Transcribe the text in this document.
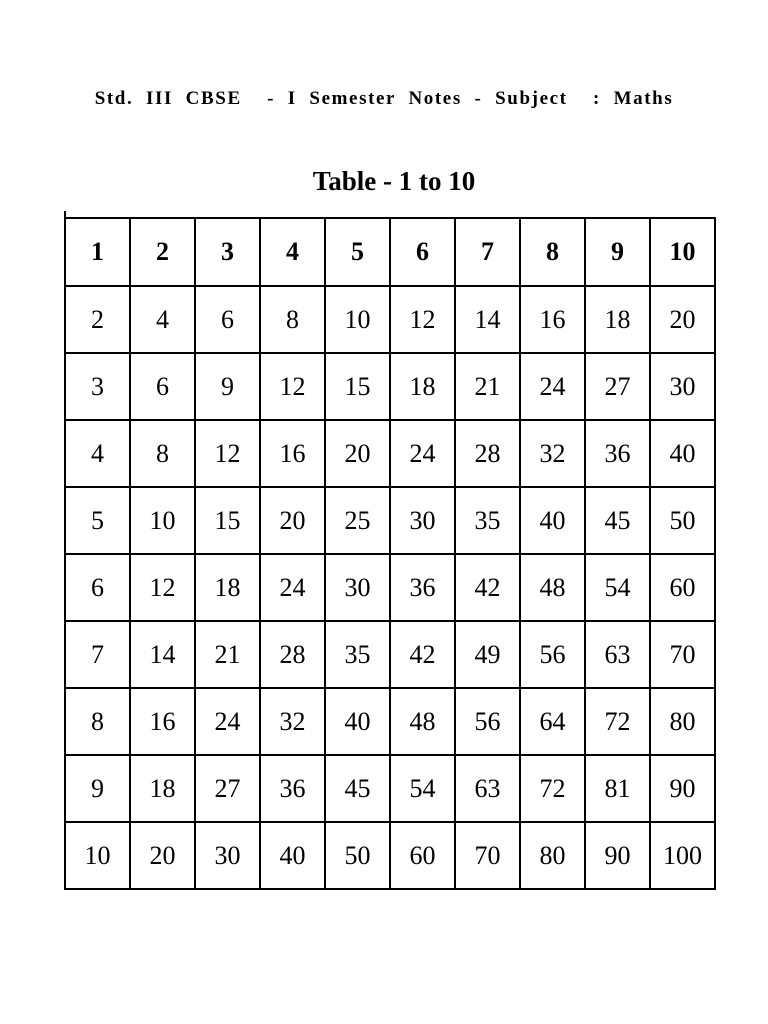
Std.  III  CBSE    -  I  Semester  Notes  -  Subject    :  Maths
Table - 1 to 10
1	2	3	4	5	6	7	8	9	10
2	4	6	8	10	12	14	16	18	20
3	6	9	12	15	18	21	24	27	30
4	8	12	16	20	24	28	32	36	40
5	10	15	20	25	30	35	40	45	50
6	12	18	24	30	36	42	48	54	60
7	14	21	28	35	42	49	56	63	70
8	16	24	32	40	48	56	64	72	80
9	18	27	36	45	54	63	72	81	90
10	20	30	40	50	60	70	80	90	100
